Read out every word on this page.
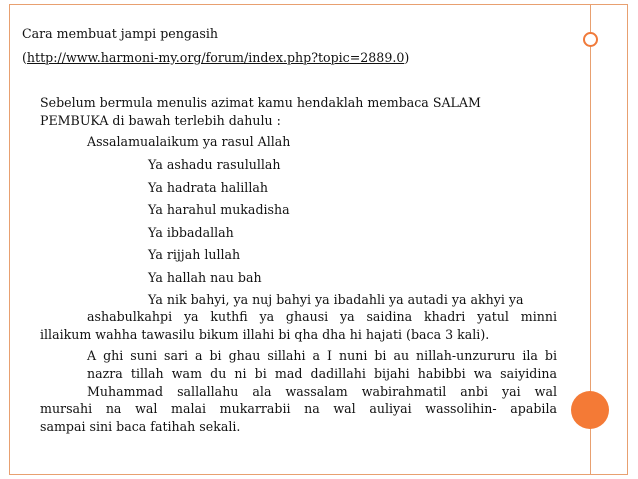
Cara membuat jampi pengasih
(http://www.harmoni-my.org/forum/index.php?topic=2889.0)
Sebelum bermula menulis azimat kamu hendaklah membaca SALAM
PEMBUKA di bawah terlebih dahulu :
Assalamualaikum ya rasul Allah
Ya ashadu rasulullah
Ya hadrata halillah
Ya harahul mukadisha
Ya ibbadallah
Ya rijjah lullah
Ya hallah nau bah
Ya nik bahyi, ya nuj bahyi ya ibadahli ya autadi ya akhyi ya
ashabulkahpi ya kuthfi ya ghausi ya saidina khadri yatul minni
illaikum wahha tawasilu bikum illahi bi qha dha hi hajati (baca 3 kali).
A ghi suni sari a bi ghau sillahi a I nuni bi au nillah-unzururu ila bi
nazra tillah wam du ni bi mad dadillahi bijahi habibbi wa saiyidina
Muhammad sallallahu ala wassalam wabirahmatil anbi yai wal
mursahi na wal malai mukarrabii na wal auliyai wassolihin- apabila
sampai sini baca fatihah sekali.
